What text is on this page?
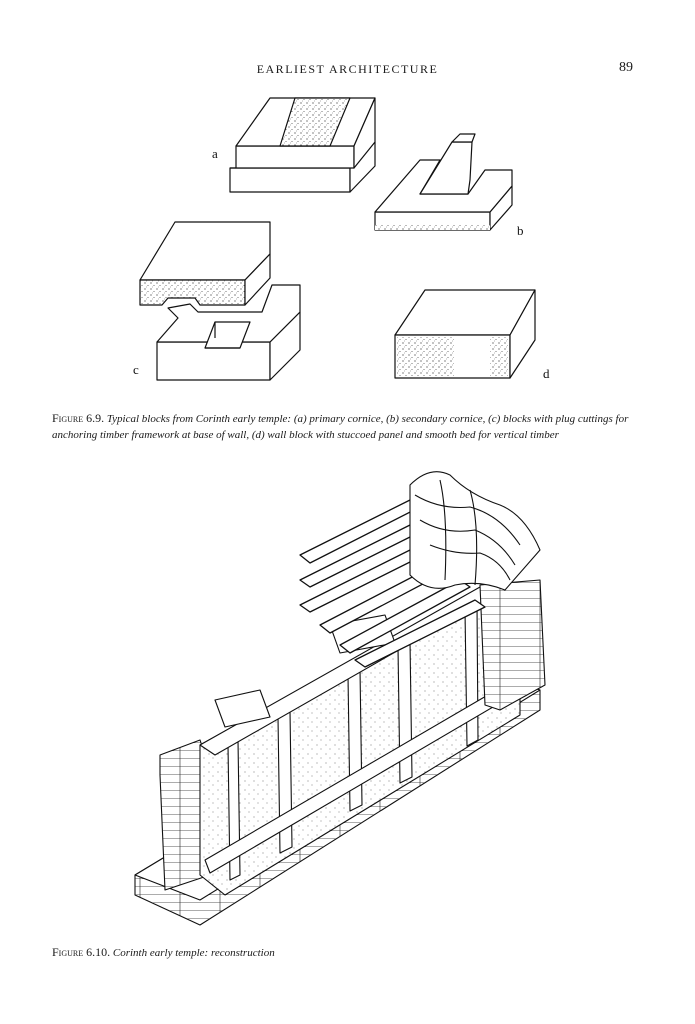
EARLIEST ARCHITECTURE	89
a
b
c	d
Figure 6.9. Typical blocks from Corinth early temple: (a) primary cornice, (b) secondary cornice, (c) blocks with plug cuttings for anchoring timber framework at base of wall, (d) wall block with stuccoed panel and smooth bed for vertical timber
Figure 6.10. Corinth early temple: reconstruction
